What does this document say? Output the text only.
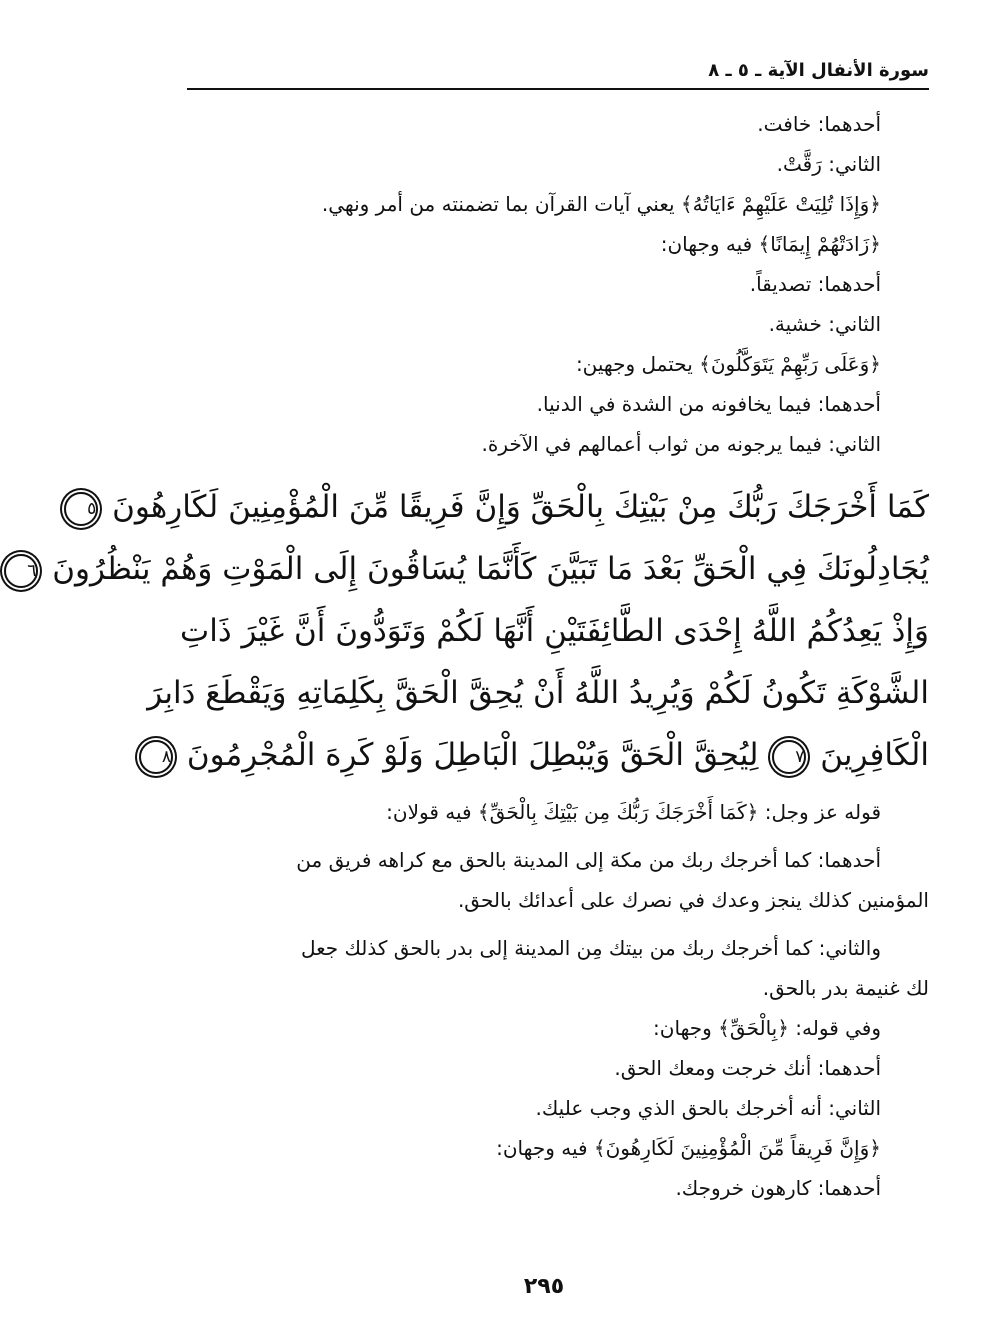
سورة الأنفال الآية ـ ٥ ـ ٨
أحدهما: خافت.
الثاني: رَقَّتْ.
﴿وَإِذَا تُلِيَتْ عَلَيْهِمْ ءَايَاتُهُ﴾ يعني آيات القرآن بما تضمنته من أمر ونهي.
﴿زَادَتْهُمْ إِيمَانًا﴾ فيه وجهان:
أحدهما: تصديقاً.
الثاني: خشية.
﴿وَعَلَى رَبِّهِمْ يَتَوَكَّلُونَ﴾ يحتمل وجهين:
أحدهما: فيما يخافونه من الشدة في الدنيا.
الثاني: فيما يرجونه من ثواب أعمالهم في الآخرة.
كَمَا أَخْرَجَكَ رَبُّكَ مِنْ بَيْتِكَ بِالْحَقِّ وَإِنَّ فَرِيقًا مِّنَ الْمُؤْمِنِينَ لَكَارِهُونَ ٥
يُجَادِلُونَكَ فِي الْحَقِّ بَعْدَ مَا تَبَيَّنَ كَأَنَّمَا يُسَاقُونَ إِلَى الْمَوْتِ وَهُمْ يَنْظُرُونَ ٦
وَإِذْ يَعِدُكُمُ اللَّهُ إِحْدَى الطَّائِفَتَيْنِ أَنَّهَا لَكُمْ وَتَوَدُّونَ أَنَّ غَيْرَ ذَاتِ
الشَّوْكَةِ تَكُونُ لَكُمْ وَيُرِيدُ اللَّهُ أَنْ يُحِقَّ الْحَقَّ بِكَلِمَاتِهِ وَيَقْطَعَ دَابِرَ
الْكَافِرِينَ ٧ لِيُحِقَّ الْحَقَّ وَيُبْطِلَ الْبَاطِلَ وَلَوْ كَرِهَ الْمُجْرِمُونَ ٨
قوله عز وجل: ﴿كَمَا أَخْرَجَكَ رَبُّكَ مِن بَيْتِكَ بِالْحَقِّ﴾ فيه قولان:
أحدهما: كما أخرجك ربك من مكة إلى المدينة بالحق مع كراهه فريق من
المؤمنين كذلك ينجز وعدك في نصرك على أعدائك بالحق.
والثاني: كما أخرجك ربك من بيتك مِن المدينة إلى بدر بالحق كذلك جعل
لك غنيمة بدر بالحق.
وفي قوله: ﴿بِالْحَقِّ﴾ وجهان:
أحدهما: أنك خرجت ومعك الحق.
الثاني: أنه أخرجك بالحق الذي وجب عليك.
﴿وَإِنَّ فَرِيقاً مِّنَ الْمُؤْمِنِينَ لَكَارِهُونَ﴾ فيه وجهان:
أحدهما: كارهون خروجك.
٢٩٥
